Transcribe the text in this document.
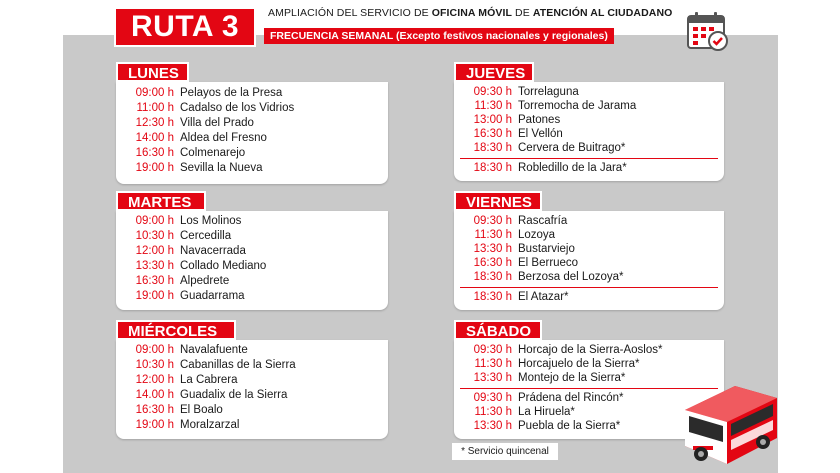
RUTA 3	AMPLIACIÓN DEL SERVICIO DE OFICINA MÓVIL DE ATENCIÓN AL CIUDADANO
FRECUENCIA SEMANAL (Excepto festivos nacionales y regionales)
09:00 h Pelayos de la Presa
11:00 h Cadalso de los Vidrios
12:30 h Villa del Prado
14:00 h Aldea del Fresno
16:30 h Colmenarejo
19:00 h Sevilla la Nueva
LUNES
09:00 h Los Molinos
10:30 h Cercedilla
12:00 h Navacerrada
13:30 h Collado Mediano
16:30 h Alpedrete
19:00 h Guadarrama
MARTES
09:00 h Navalafuente
10:30 h Cabanillas de la Sierra
12:00 h La Cabrera
14.00 h Guadalix de la Sierra
16:30 h El Boalo
19:00 h Moralzarzal
MIÉRCOLES
09:30 h Torrelaguna
11:30 h Torremocha de Jarama
13:00 h Patones
16:30 h El Vellón
18:30 h Cervera de Buitrago*
18:30 h Robledillo de la Jara*
JUEVES
09:30 h Rascafría
11:30 h Lozoya
13:30 h Bustarviejo
16:30 h El Berrueco
18:30 h Berzosa del Lozoya*
18:30 h El Atazar*
VIERNES
09:30 h Horcajo de la Sierra-Aoslos*
11:30 h Horcajuelo de la Sierra*
13:30 h Montejo de la Sierra*
09:30 h Prádena del Rincón*
11:30 h La Hiruela*
13:30 h Puebla de la Sierra*
SÁBADO
* Servicio quincenal
